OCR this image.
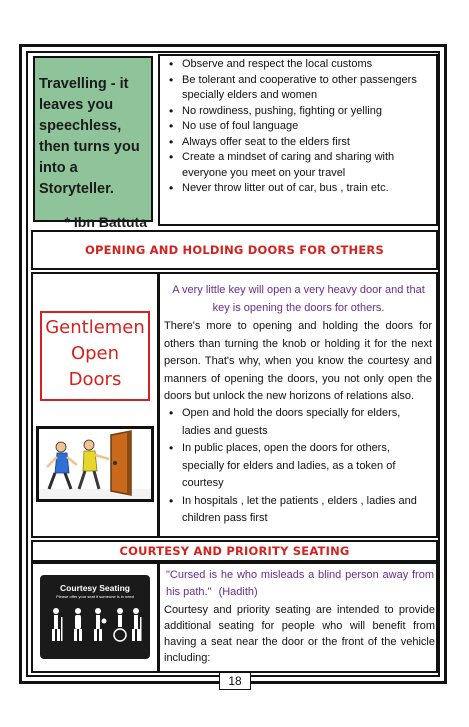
Travelling - it leaves you speechless, then turns you into a Storyteller.
* Ibn Battuta
• Observe and respect the local customs
• Be tolerant and cooperative to other passengers specially elders and women
• No rowdiness, pushing, fighting or yelling
• No use of foul language
• Always offer seat to the elders first
• Create a mindset of caring and sharing with everyone you meet on your travel
• Never throw litter out of car, bus , train etc.
OPENING AND HOLDING DOORS FOR OTHERS
Gentlemen
Open
Doors
A very little key will open a very heavy door and that key is opening the doors for others.
There's more to opening and holding the doors for others than turning the knob or holding it for the next person. That's why, when you know the courtesy and manners of opening the doors, you not only open the doors but unlock the new horizons of relations also.
• Open and hold the doors specially for elders, ladies and guests
• In public places, open the doors for others, specially for elders and ladies, as a token of courtesy
• In hospitals , let the patients , elders , ladies and children pass first
COURTESY AND PRIORITY SEATING
Courtesy Seating
Please offer your seat if someone is in need
"Cursed is he who misleads a blind person away from his path." (Hadith)
Courtesy and priority seating are intended to provide additional seating for people who will benefit from having a seat near the door or the front of the vehicle including:
18
